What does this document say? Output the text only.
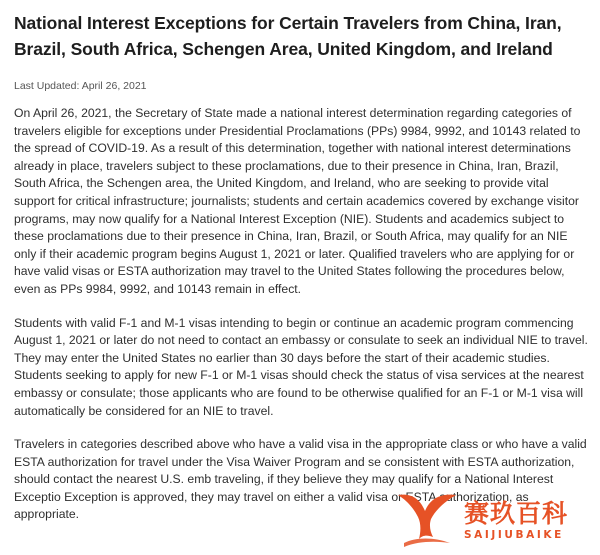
National Interest Exceptions for Certain Travelers from China, Iran, Brazil, South Africa, Schengen Area, United Kingdom, and Ireland
Last Updated: April 26, 2021

On April 26, 2021, the Secretary of State made a national interest determination regarding categories of travelers eligible for exceptions under Presidential Proclamations (PPs) 9984, 9992, and 10143 related to the spread of COVID-19. As a result of this determination, together with national interest determinations already in place, travelers subject to these proclamations, due to their presence in China, Iran, Brazil, South Africa, the Schengen area, the United Kingdom, and Ireland, who are seeking to provide vital support for critical infrastructure; journalists; students and certain academics covered by exchange visitor programs, may now qualify for a National Interest Exception (NIE). Students and academics subject to these proclamations due to their presence in China, Iran, Brazil, or South Africa, may qualify for an NIE only if their academic program begins August 1, 2021 or later. Qualified travelers who are applying for or have valid visas or ESTA authorization may travel to the United States following the procedures below, even as PPs 9984, 9992, and 10143 remain in effect.

Students with valid F-1 and M-1 visas intending to begin or continue an academic program commencing August 1, 2021 or later do not need to contact an embassy or consulate to seek an individual NIE to travel. They may enter the United States no earlier than 30 days before the start of their academic studies. Students seeking to apply for new F-1 or M-1 visas should check the status of visa services at the nearest embassy or consulate; those applicants who are found to be otherwise qualified for an F-1 or M-1 visa will automatically be considered for an NIE to travel.

Travelers in categories described above who have a valid visa in the appropriate class or who have a valid ESTA authorization for travel under the Visa Waiver Program and se consistent with ESTA authorization, should contact the nearest U.S. emb traveling, if they believe they may qualify for a National Interest Exceptio Exception is approved, they may travel on either a valid visa or ESTA authorization, as appropriate.	赛玖百科
SAIJIUBAIKE
